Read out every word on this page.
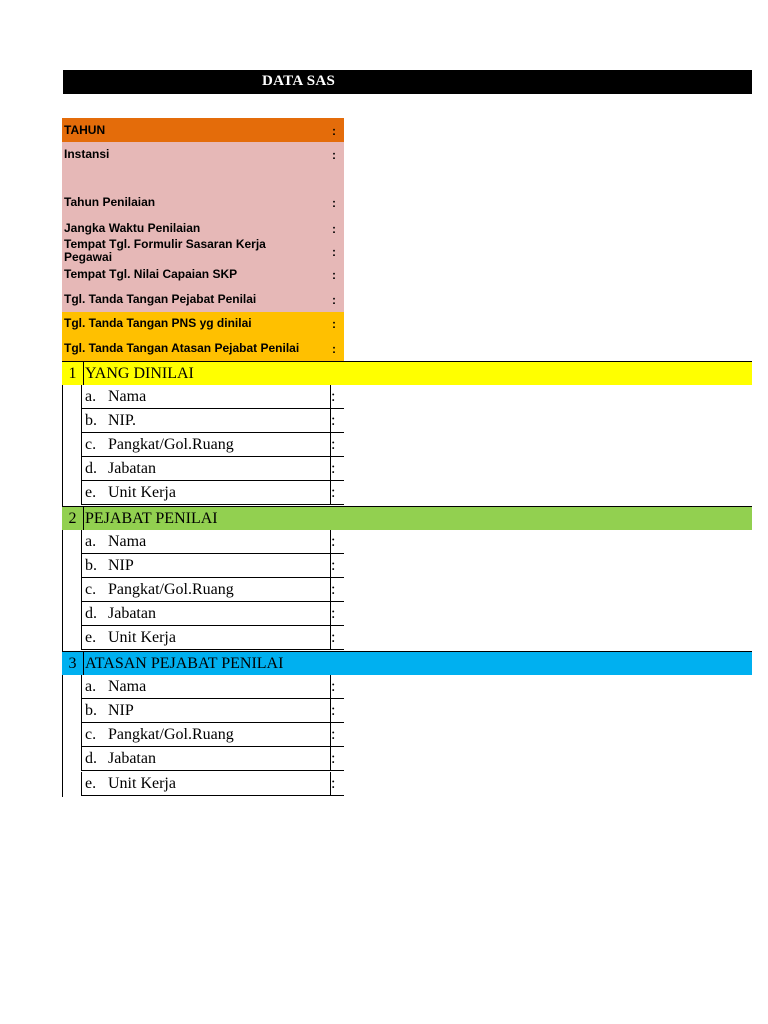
DATA SAS
TAHUN	:
Instansi	:
Tahun Penilaian	:
Jangka Waktu Penilaian	:
Tempat Tgl. Formulir Sasaran Kerja Pegawai	:
Tempat Tgl. Nilai Capaian SKP	:
Tgl. Tanda Tangan Pejabat Penilai	:
Tgl. Tanda Tangan PNS yg dinilai	:
Tgl. Tanda Tangan Atasan Pejabat Penilai	:
1 YANG DINILAI
a. Nama	:
b. NIP.	:
c. Pangkat/Gol.Ruang	:
d. Jabatan	:
e. Unit Kerja	:
2 PEJABAT PENILAI
a. Nama	:
b. NIP	:
c. Pangkat/Gol.Ruang	:
d. Jabatan	:
e. Unit Kerja	:
3 ATASAN PEJABAT PENILAI
a. Nama	:
b. NIP	:
c. Pangkat/Gol.Ruang	:
d. Jabatan	:
e. Unit Kerja	:
